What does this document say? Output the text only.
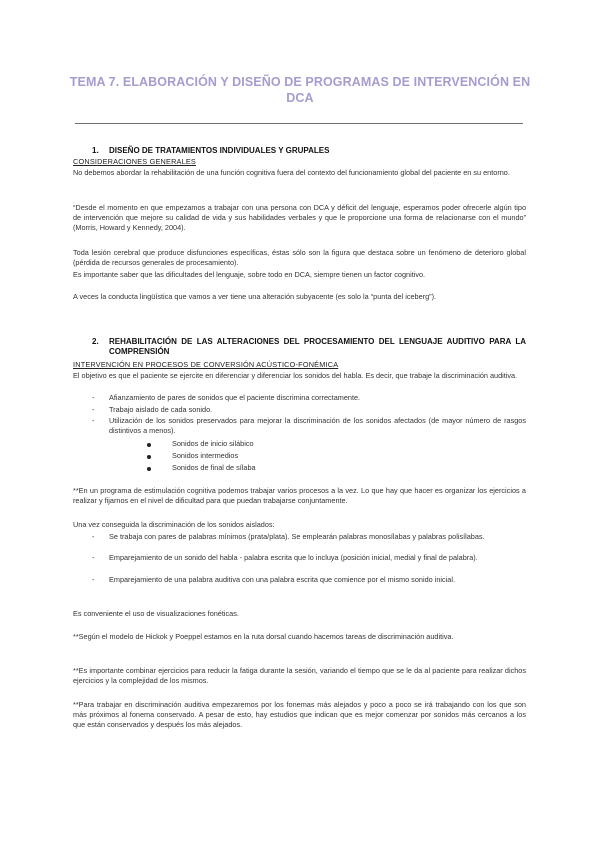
TEMA 7. ELABORACIÓN Y DISEÑO DE PROGRAMAS DE INTERVENCIÓN EN DCA
1. DISEÑO DE TRATAMIENTOS INDIVIDUALES Y GRUPALES
CONSIDERACIONES GENERALES
No debemos abordar la rehabilitación de una función cognitiva fuera del contexto del funcionamiento global del paciente en su entorno.
“Desde el momento en que empezamos a trabajar con una persona con DCA y déficit del lenguaje, esperamos poder ofrecerle algún tipo de intervención que mejore su calidad de vida y sus habilidades verbales y que le proporcione una forma de relacionarse con el mundo” (Morris, Howard y Kennedy, 2004).
Toda lesión cerebral que produce disfunciones específicas, éstas sólo son la figura que destaca sobre un fenómeno de deterioro global (pérdida de recursos generales de procesamiento).
Es importante saber que las dificultades del lenguaje, sobre todo en DCA, siempre tienen un factor cognitivo.
A veces la conducta lingüística que vamos a ver tiene una alteración subyacente (es solo la “punta del iceberg”).
2. REHABILITACIÓN DE LAS ALTERACIONES DEL PROCESAMIENTO DEL LENGUAJE AUDITIVO PARA LA COMPRENSIÓN
INTERVENCIÓN EN PROCESOS DE CONVERSIÓN ACÚSTICO-FONÉMICA
El objetivo es que el paciente se ejercite en diferenciar y diferenciar los sonidos del habla. Es decir, que trabaje la discriminación auditiva.
- Afianzamiento de pares de sonidos que el paciente discrimina correctamente.
- Trabajo aislado de cada sonido.
- Utilización de los sonidos preservados para mejorar la discriminación de los sonidos afectados (de mayor número de rasgos distintivos a menos).
Sonidos de inicio silábico
Sonidos intermedios
Sonidos de final de sílaba
**En un programa de estimulación cognitiva podemos trabajar varios procesos a la vez. Lo que hay que hacer es organizar los ejercicios a realizar y fijarnos en el nivel de dificultad para que puedan trabajarse conjuntamente.
Una vez conseguida la discriminación de los sonidos aislados:
- Se trabaja con pares de palabras mínimos (prata/plata). Se emplearán palabras monosílabas y palabras polisílabas.
- Emparejamiento de un sonido del habla - palabra escrita que lo incluya (posición inicial, medial y final de palabra).
- Emparejamiento de una palabra auditiva con una palabra escrita que comience por el mismo sonido inicial.
Es conveniente el uso de visualizaciones fonéticas.
**Según el modelo de Hickok y Poeppel estamos en la ruta dorsal cuando hacemos tareas de discriminación auditiva.
**Es importante combinar ejercicios para reducir la fatiga durante la sesión, variando el tiempo que se le da al paciente para realizar dichos ejercicios y la complejidad de los mismos.
**Para trabajar en discriminación auditiva empezaremos por los fonemas más alejados y poco a poco se irá trabajando con los que son más próximos al fonema conservado. A pesar de esto, hay estudios que indican que es mejor comenzar por sonidos más cercanos a los que están conservados y después los más alejados.
